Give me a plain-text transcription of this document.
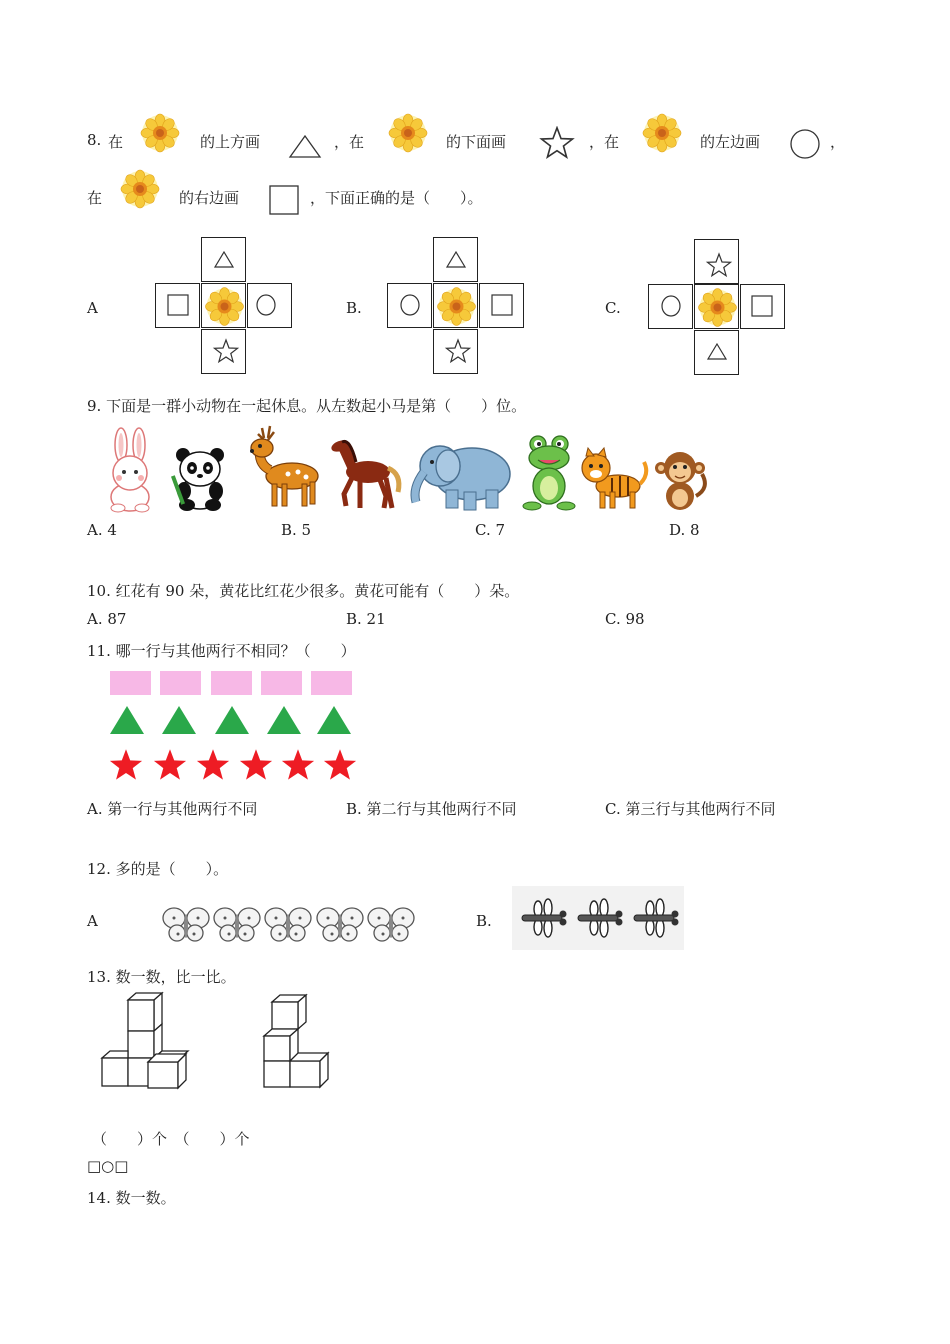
8. 在	的上方画	，在	的下面画	，在	的左边画	，
在	的右边画	，下面正确的是（　　）。
A	B.	C.
9. 下面是一群小动物在一起休息。从左数起小马是第（　　）位。
A. 4	B. 5	C. 7	D. 8
10. 红花有 90 朵，黄花比红花少很多。黄花可能有（　　）朵。
A. 87	B. 21	C. 98
11. 哪一行与其他两行不相同？（　　）
A. 第一行与其他两行不同	B. 第二行与其他两行不同	C. 第三行与其他两行不同
12. 多的是（　　）。
A	B.
13. 数一数，比一比。
（　　）个　（　　）个
□○□
14. 数一数。
